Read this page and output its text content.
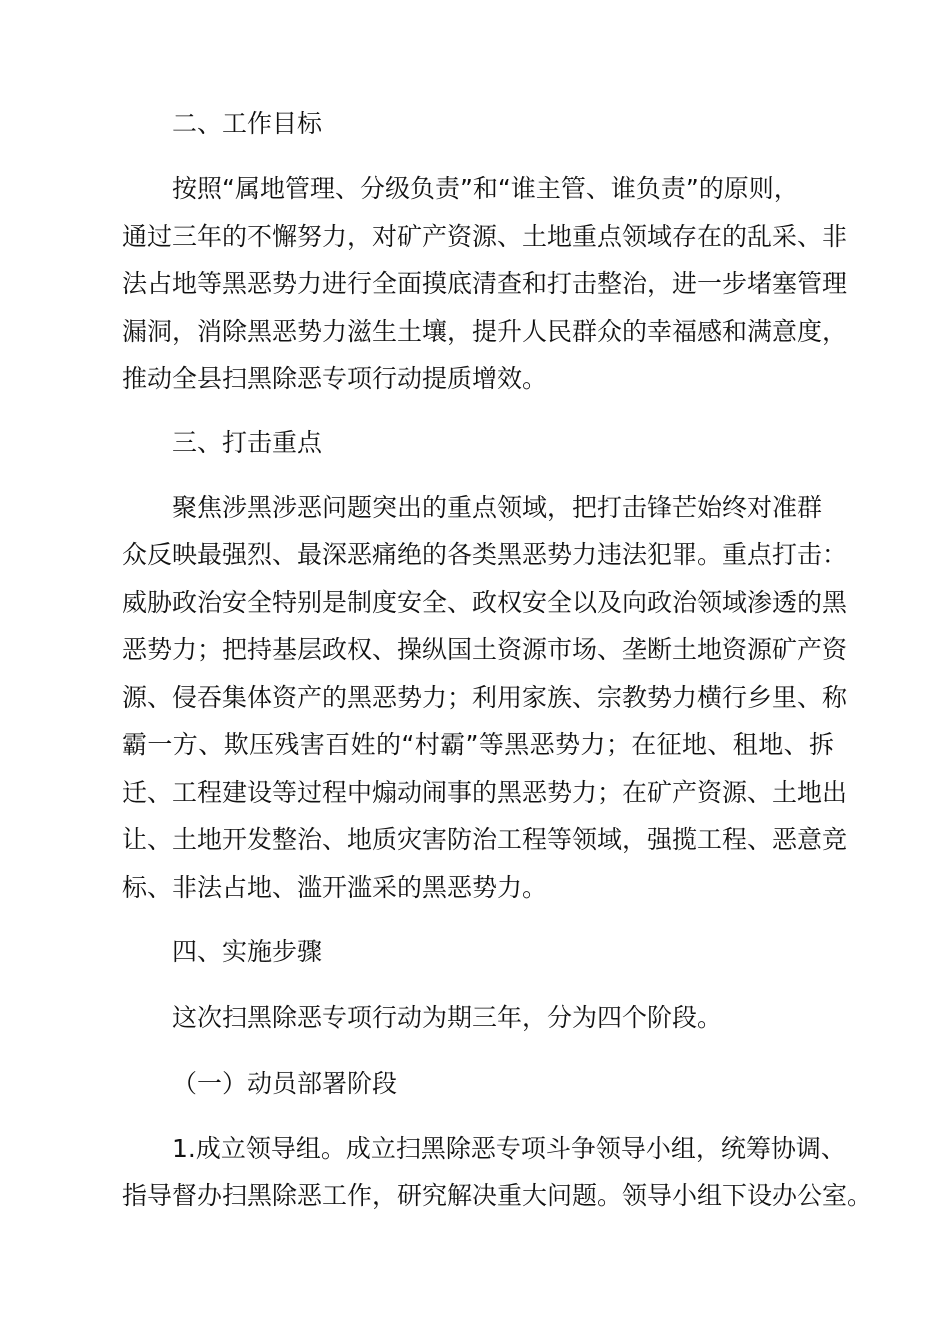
二、工作目标
按照“属地管理、分级负责”和“谁主管、谁负责”的原则，
通过三年的不懈努力，对矿产资源、土地重点领域存在的乱采、非
法占地等黑恶势力进行全面摸底清查和打击整治，进一步堵塞管理
漏洞，消除黑恶势力滋生土壤，提升人民群众的幸福感和满意度，
推动全县扫黑除恶专项行动提质增效。
三、打击重点
聚焦涉黑涉恶问题突出的重点领域，把打击锋芒始终对准群
众反映最强烈、最深恶痛绝的各类黑恶势力违法犯罪。重点打击：
威胁政治安全特别是制度安全、政权安全以及向政治领域渗透的黑
恶势力；把持基层政权、操纵国土资源市场、垄断土地资源矿产资
源、侵吞集体资产的黑恶势力；利用家族、宗教势力横行乡里、称
霸一方、欺压残害百姓的“村霸”等黑恶势力；在征地、租地、拆
迁、工程建设等过程中煽动闹事的黑恶势力；在矿产资源、土地出
让、土地开发整治、地质灾害防治工程等领域，强揽工程、恶意竞
标、非法占地、滥开滥采的黑恶势力。
四、实施步骤
这次扫黑除恶专项行动为期三年，分为四个阶段。
（一）动员部署阶段
1.成立领导组。成立扫黑除恶专项斗争领导小组，统筹协调、
指导督办扫黑除恶工作，研究解决重大问题。领导小组下设办公室。
